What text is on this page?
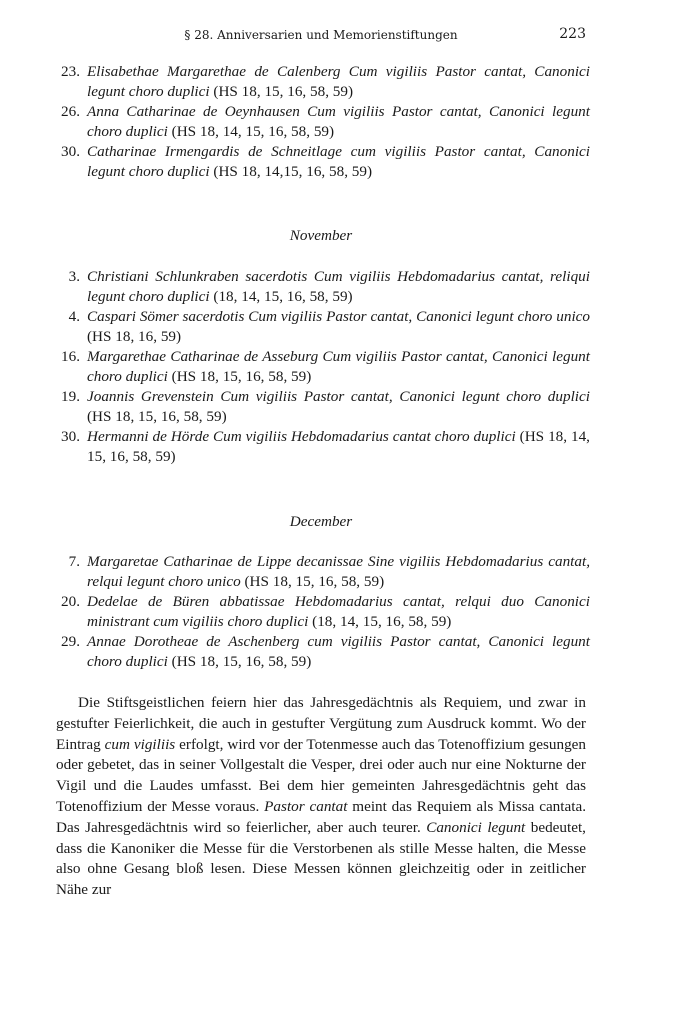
§ 28. Anniversarien und Memorienstiftungen	223
23. Elisabethae Margarethae de Calenberg Cum vigiliis Pastor cantat, Canonici legunt choro duplici (HS 18, 15, 16, 58, 59)
26. Anna Catharinae de Oeynhausen Cum vigiliis Pastor cantat, Canonici legunt choro duplici (HS 18, 14, 15, 16, 58, 59)
30. Catharinae Irmengardis de Schneitlage cum vigiliis Pastor cantat, Canonici legunt choro duplici (HS 18, 14,15, 16, 58, 59)
November
3. Christiani Schlunkraben sacerdotis Cum vigiliis Hebdomadarius cantat, reliqui legunt choro duplici (18, 14, 15, 16, 58, 59)
4. Caspari Sömer sacerdotis Cum vigiliis Pastor cantat, Canonici legunt choro unico (HS 18, 16, 59)
16. Margarethae Catharinae de Asseburg Cum vigiliis Pastor cantat, Canonici legunt choro duplici (HS 18, 15, 16, 58, 59)
19. Joannis Grevenstein Cum vigiliis Pastor cantat, Canonici legunt choro duplici (HS 18, 15, 16, 58, 59)
30. Hermanni de Hörde Cum vigiliis Hebdomadarius cantat choro duplici (HS 18, 14, 15, 16, 58, 59)
December
7. Margaretae Catharinae de Lippe decanissae Sine vigiliis Hebdomadarius cantat, relqui legunt choro unico (HS 18, 15, 16, 58, 59)
20. Dedelae de Büren abbatissae Hebdomadarius cantat, relqui duo Canonici ministrant cum vigiliis choro duplici (18, 14, 15, 16, 58, 59)
29. Annae Dorotheae de Aschenberg cum vigiliis Pastor cantat, Canonici legunt choro duplici (HS 18, 15, 16, 58, 59)
Die Stiftsgeistlichen feiern hier das Jahresgedächtnis als Requiem, und zwar in gestufter Feierlichkeit, die auch in gestufter Vergütung zum Ausdruck kommt. Wo der Eintrag cum vigiliis erfolgt, wird vor der Totenmesse auch das Totenoffizium gesungen oder gebetet, das in seiner Vollgestalt die Vesper, drei oder auch nur eine Nokturne der Vigil und die Laudes umfasst. Bei dem hier gemeinten Jahresgedächtnis geht das Totenoffizium der Messe voraus. Pastor cantat meint das Requiem als Missa cantata. Das Jahresgedächtnis wird so feierlicher, aber auch teurer. Canonici legunt bedeutet, dass die Kanoniker die Messe für die Verstorbenen als stille Messe halten, die Messe also ohne Gesang bloß lesen. Diese Messen können gleichzeitig oder in zeitlicher Nähe zur
